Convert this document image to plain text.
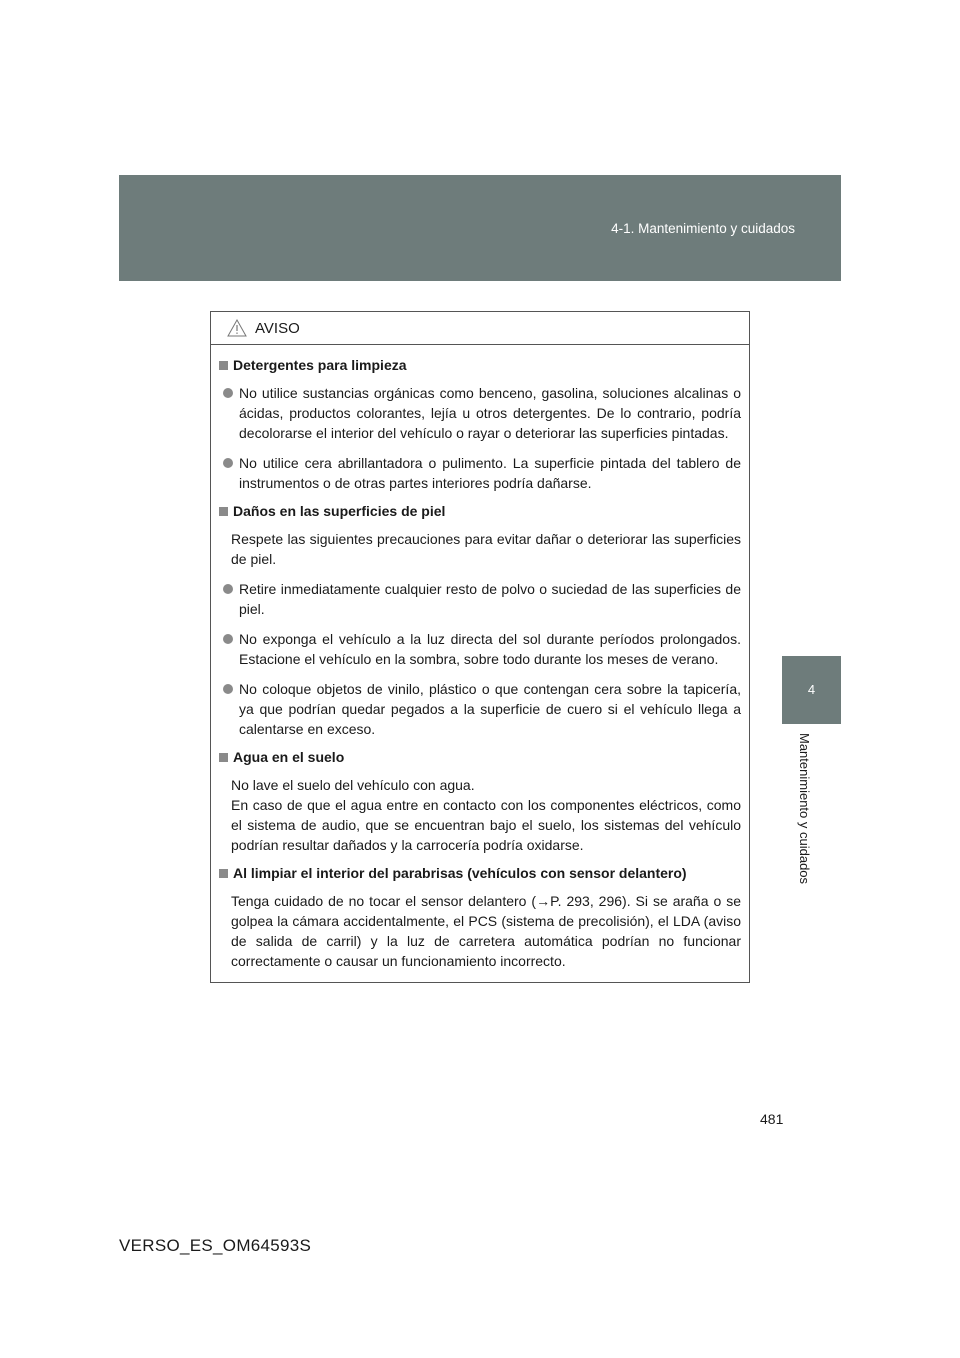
4-1. Mantenimiento y cuidados
4
Mantenimiento y cuidados
AVISO
Detergentes para limpieza
No utilice sustancias orgánicas como benceno, gasolina, soluciones alcalinas o ácidas, productos colorantes, lejía u otros detergentes. De lo contrario, podría decolorarse el interior del vehículo o rayar o deteriorar las superficies pintadas.
No utilice cera abrillantadora o pulimento. La superficie pintada del tablero de instrumentos o de otras partes interiores podría dañarse.
Daños en las superficies de piel
Respete las siguientes precauciones para evitar dañar o deteriorar las superficies de piel.
Retire inmediatamente cualquier resto de polvo o suciedad de las superficies de piel.
No exponga el vehículo a la luz directa del sol durante períodos prolongados. Estacione el vehículo en la sombra, sobre todo durante los meses de verano.
No coloque objetos de vinilo, plástico o que contengan cera sobre la tapicería, ya que podrían quedar pegados a la superficie de cuero si el vehículo llega a calentarse en exceso.
Agua en el suelo
No lave el suelo del vehículo con agua.
En caso de que el agua entre en contacto con los componentes eléctricos, como el sistema de audio, que se encuentran bajo el suelo, los sistemas del vehículo podrían resultar dañados y la carrocería podría oxidarse.
Al limpiar el interior del parabrisas (vehículos con sensor delantero)
Tenga cuidado de no tocar el sensor delantero (→P. 293, 296). Si se araña o se golpea la cámara accidentalmente, el PCS (sistema de precolisión), el LDA (aviso de salida de carril) y la luz de carretera automática podrían no funcionar correctamente o causar un funcionamiento incorrecto.
481
VERSO_ES_OM64593S
